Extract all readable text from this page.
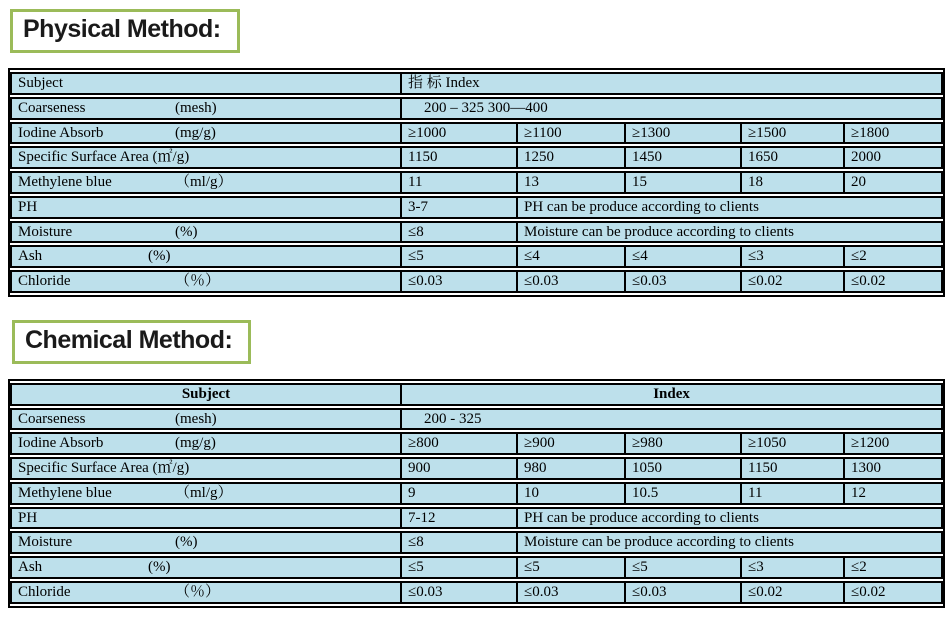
Physical Method:
Subject	指 标 Index				
Coarseness (mesh)	200 – 325 300—400				
Iodine Absorb (mg/g)	≥1000	≥1100	≥1300	≥1500	≥1800
Specific Surface Area (㎡/g)	1150	1250	1450	1650	2000
Methylene blue （ml/g）	11	13	15	18	20
PH	3-7	PH can be produce according to clients			
Moisture (%)	≤8	Moisture can be produce according to clients			
Ash (%)	≤5	≤4	≤4	≤3	≤2
Chloride （％）	≤0.03	≤0.03	≤0.03	≤0.02	≤0.02
Chemical Method:
Subject	Index				
Coarseness (mesh)	200 - 325				
Iodine Absorb (mg/g)	≥800	≥900	≥980	≥1050	≥1200
Specific Surface Area (㎡/g)	900	980	1050	1150	1300
Methylene blue （ml/g）	9	10	10.5	11	12
PH	7-12	PH can be produce according to clients			
Moisture (%)	≤8	Moisture can be produce according to clients			
Ash (%)	≤5	≤5	≤5	≤3	≤2
Chloride （％）	≤0.03	≤0.03	≤0.03	≤0.02	≤0.02
